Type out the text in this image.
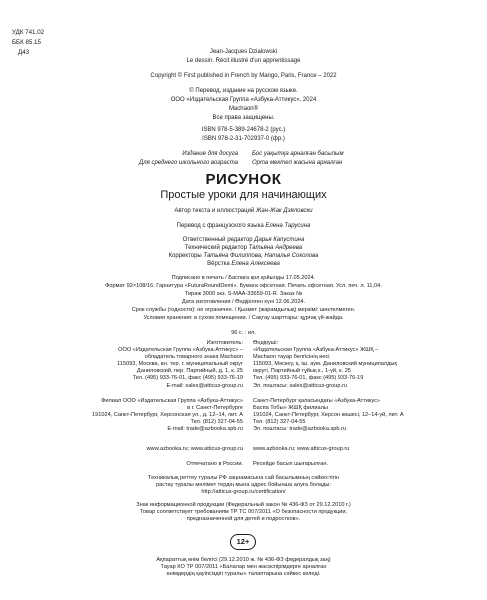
УДК 741.02
ББК 85.15
Д43	Jean-Jacques Dzialowski
Le dessin. Récit illustré d'un apprentissage
Copyright © First published in French by Mango, Paris, France – 2022
© Перевод, издание на русском языке.
ООО «Издательская Группа «Азбука-Аттикус», 2024
Machaon®
Все права защищены.
ISBN 978-5-389-24678-2 (рус.)
ISBN 978-2-31-702937-0 (фр.)
Издание для досуга Бос уақытқа арналған басылым
Для среднего школьного возраста Орта мектеп жасына арналған
РИСУНОК
Простые уроки для начинающих
Автор текста и иллюстраций Жан-Жак Дзяловски
Перевод с французского языка Елена Тарусина
Ответственный редактор Дарья Капустина
Технический редактор Татьяна Андреева
Корректоры Татьяна Филиппова, Наталья Соколова
Вёрстка Елена Алексеева
Подписано в печать / Баспаға қол қойылды 17.05.2024.
Формат 92×108/16. Гарнитура «FuturaRoundDemi». Бумага офсетная. Печать офсетная. Усл. печ. л. 11,04.
Тираж 3000 экз. S-MAA-33659-01-R. Заказ №
Дата изготовления / Өндірілген күні 12.06.2024.
Срок службы (годности): не ограничен. / Қызмет (жарамдылық) мерзімі: шектелмеген.
Условия хранения: в сухом помещении. / Сақтау шарттары: құрғақ үй-жайда.
96 с. : ил.
Изготовитель:
ООО «Издательская Группа «Азбука-Аттикус» –
обладатель товарного знака Machaon
115093, Москва, вн. тер. г. муниципальный округ
Даниловский, пер. Партийный, д. 1, к. 25
Тел. (495) 933-76-01, факс (495) 933-76-19
E-mail: sales@atticus-group.ru
Өндіруші:
«Издательская Группа «Азбука-Аттикус» ЖШҚ –
Machaon тауар белгісінің иесі
115093, Мәскеу, қ. іш. аум. Даниловский муниципалдық
округі, Партийный тұйық к., 1-үй, к. 25
Тел. (495) 933-76-01, факс (495) 933-76-19
Эл. поштасы: sales@atticus-group.ru
Филиал ООО «Издательская Группа «Азбука-Аттикус»
в г. Санкт-Петербурге
191024, Санкт-Петербург, Херсонская ул., д. 12–14, лит. А
Тел. (812) 327-04-55
E-mail: trade@azbooka.spb.ru
Санкт-Петербург қаласындағы «Азбука-Аттикус»
Баспа Тобы» ЖШҚ филиалы
191024, Санкт-Петербург, Херсон көшесі, 12–14-үй, лит. А
Тел. (812) 327-04-55
Эл. поштасы: trade@azbooka.spb.ru
www.azbooka.ru; www.atticus-group.ru www.azbooka.ru; www.atticus-group.ru
Отпечатано в России. Ресейде басып шығарылған.
Техникалық реттеу туралы РФ заңнамасына сай басылымның сәйкестігін
растау туралы мәлімет тердің мына адрес бойынша алуға болады:
http://atticus-group.ru/certification/
Знак информационной продукции (Федеральный закон № 436-ФЗ от 29.12.2010 г.)
Товар соответствует требованиям ТР ТС 007/2011 «О безопасности продукции,
предназначенной для детей и подростков».
12+
Ақпараттық өнім белгісі (29.12.2010 ж. № 436-ФЗ федералдық заң)
Тауар КО ТР 007/2011 «Балалар мен жасөспірімдерге арналған
өнімдердің қауіпсіздігі туралы» талаптарына сәйкес келеді.
